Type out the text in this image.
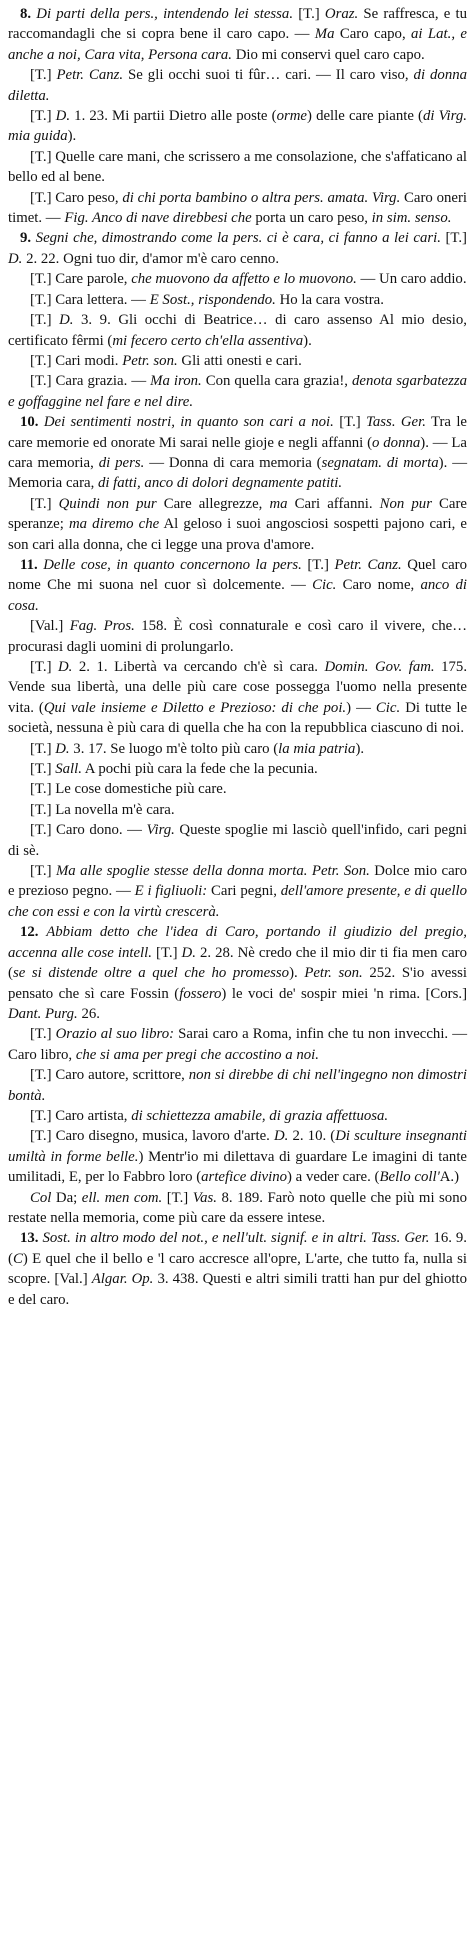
8. Di parti della pers., intendendo lei stessa. [T.] Oraz. Se raffresca, e tu raccomandagli che si copra bene il caro capo. — Ma Caro capo, ai Lat., e anche a noi, Cara vita, Persona cara. Dio mi conservi quel caro capo.

[T.] Petr. Canz. Se gli occhi suoi ti fûr… cari. — Il caro viso, di donna diletta.

[T.] D. 1. 23. Mi partii Dietro alle poste (orme) delle care piante (di Virg. mia guida).

[T.] Quelle care mani, che scrissero a me consolazione, che s'affaticano al bello ed al bene.

[T.] Caro peso, di chi porta bambino o altra pers. amata. Virg. Caro oneri timet. — Fig. Anco di nave direbbesi che porta un caro peso, in sim. senso.

9. Segni che, dimostrando come la pers. ci è cara, ci fanno a lei cari. [T.] D. 2. 22. Ogni tuo dir, d'amor m'è caro cenno.

[T.] Care parole, che muovono da affetto e lo muovono. — Un caro addio.

[T.] Cara lettera. — E Sost., rispondendo. Ho la cara vostra.

[T.] D. 3. 9. Gli occhi di Beatrice… di caro assenso Al mio desio, certificato fêrmi (mi fecero certo ch'ella assentiva).

[T.] Cari modi. Petr. son. Gli atti onesti e cari.

[T.] Cara grazia. — Ma iron. Con quella cara grazia!, denota sgarbatezza e goffaggine nel fare e nel dire.

10. Dei sentimenti nostri, in quanto son cari a noi. [T.] Tass. Ger. Tra le care memorie ed onorate Mi sarai nelle gioje e negli affanni (o donna). — La cara memoria, di pers. — Donna di cara memoria (segnatam. di morta). — Memoria cara, di fatti, anco di dolori degnamente patiti.

[T.] Quindi non pur Care allegrezze, ma Cari affanni. Non pur Care speranze; ma diremo che Al geloso i suoi angosciosi sospetti pajono cari, e son cari alla donna, che ci legge una prova d'amore.

11. Delle cose, in quanto concernono la pers. [T.] Petr. Canz. Quel caro nome Che mi suona nel cuor sì dolcemente. — Cic. Caro nome, anco di cosa.

[Val.] Fag. Pros. 158. È così connaturale e così caro il vivere, che… procurasi dagli uomini di prolungarlo.

[T.] D. 2. 1. Libertà va cercando ch'è sì cara. Domin. Gov. fam. 175. Vende sua libertà, una delle più care cose possegga l'uomo nella presente vita. (Qui vale insieme e Diletto e Prezioso: di che poi.) — Cic. Di tutte le società, nessuna è più cara di quella che ha con la repubblica ciascuno di noi.

[T.] D. 3. 17. Se luogo m'è tolto più caro (la mia patria).

[T.] Sall. A pochi più cara la fede che la pecunia.

[T.] Le cose domestiche più care.

[T.] La novella m'è cara.

[T.] Caro dono. — Virg. Queste spoglie mi lasciò quell'infido, cari pegni di sè.

[T.] Ma alle spoglie stesse della donna morta. Petr. Son. Dolce mio caro e prezioso pegno. — E i figliuoli: Cari pegni, dell'amore presente, e di quello che con essi e con la virtù crescerà.

12. Abbiam detto che l'idea di Caro, portando il giudizio del pregio, accenna alle cose intell. [T.] D. 2. 28. Nè credo che il mio dir ti fia men caro (se si distende oltre a quel che ho promesso). Petr. son. 252. S'io avessi pensato che sì care Fossin (fossero) le voci de' sospir miei 'n rima. [Cors.] Dant. Purg. 26.

[T.] Orazio al suo libro: Sarai caro a Roma, infin che tu non invecchi. — Caro libro, che si ama per pregi che accostino a noi.

[T.] Caro autore, scrittore, non si direbbe di chi nell'ingegno non dimostri bontà.

[T.] Caro artista, di schiettezza amabile, di grazia affettuosa.

[T.] Caro disegno, musica, lavoro d'arte. D. 2. 10. (Di sculture insegnanti umiltà in forme belle.) Mentr'io mi dilettava di guardare Le imagini di tante umilitadi, E, per lo Fabbro loro (artefice divino) a veder care. (Bello coll'A.)

Col Da; ell. men com. [T.] Vas. 8. 189. Farò noto quelle che più mi sono restate nella memoria, come più care da essere intese.

13. Sost. in altro modo del not., e nell'ult. signif. e in altri. Tass. Ger. 16. 9. (C) E quel che il bello e 'l caro accresce all'opre, L'arte, che tutto fa, nulla si scopre. [Val.] Algar. Op. 3. 438. Questi e altri simili tratti han pur del ghiotto e del caro.
